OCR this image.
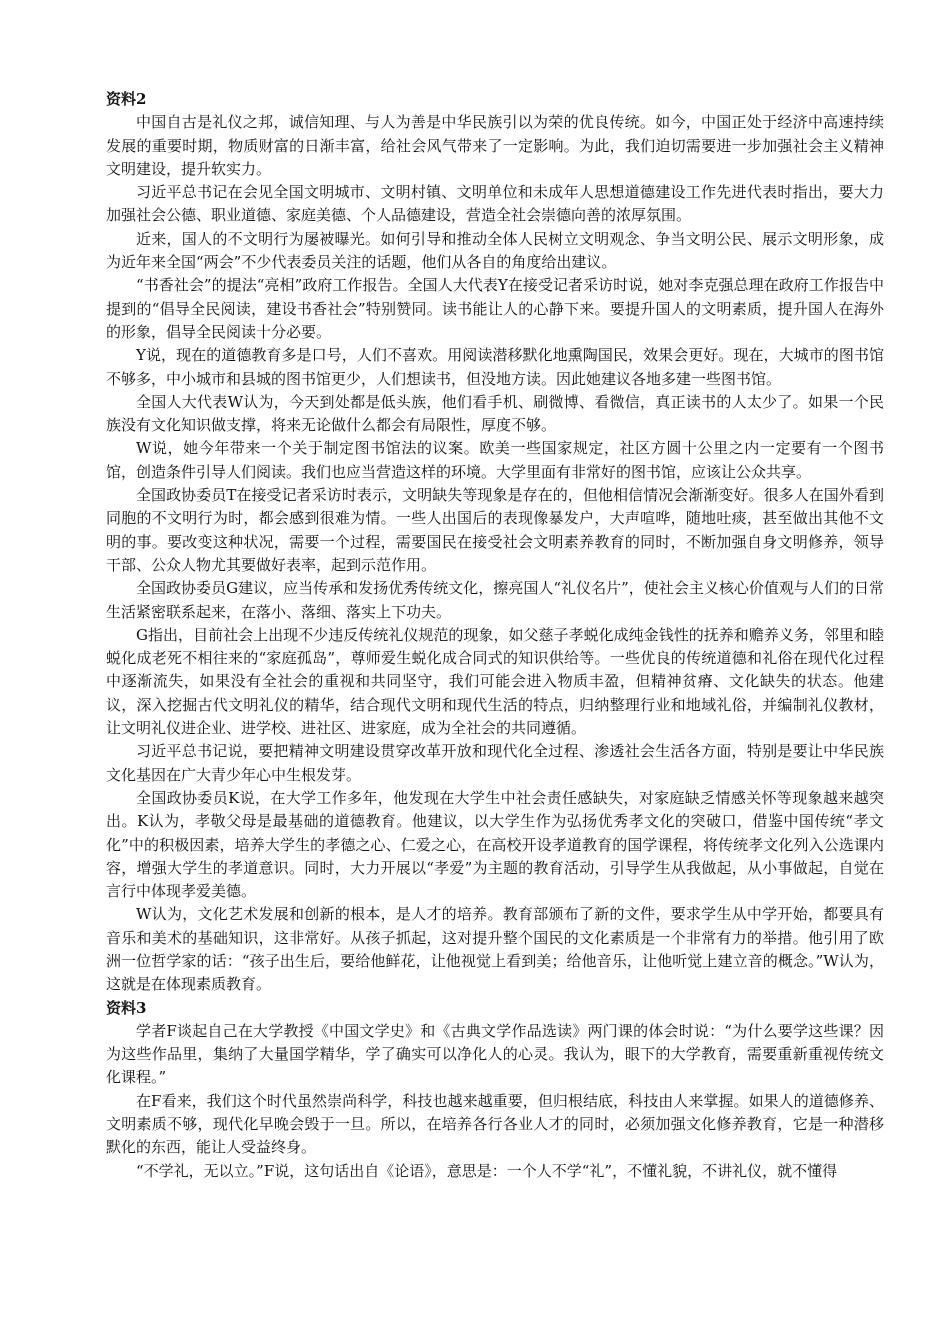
资料2

中国自古是礼仪之邦，诚信知理、与人为善是中华民族引以为荣的优良传统。如今，中国正处于经济中高速持续发展的重要时期，物质财富的日渐丰富，给社会风气带来了一定影响。为此，我们迫切需要进一步加强社会主义精神文明建设，提升软实力。

习近平总书记在会见全国文明城市、文明村镇、文明单位和未成年人思想道德建设工作先进代表时指出，要大力加强社会公德、职业道德、家庭美德、个人品德建设，营造全社会崇德向善的浓厚氛围。

近来，国人的不文明行为屡被曝光。如何引导和推动全体人民树立文明观念、争当文明公民、展示文明形象，成为近年来全国“两会”不少代表委员关注的话题，他们从各自的角度给出建议。

“书香社会”的提法“亮相”政府工作报告。全国人大代表Y在接受记者采访时说，她对李克强总理在政府工作报告中提到的“倡导全民阅读，建设书香社会”特别赞同。读书能让人的心静下来。要提升国人的文明素质，提升国人在海外的形象，倡导全民阅读十分必要。

Y说，现在的道德教育多是口号，人们不喜欢。用阅读潜移默化地熏陶国民，效果会更好。现在，大城市的图书馆不够多，中小城市和县城的图书馆更少，人们想读书，但没地方读。因此她建议各地多建一些图书馆。

全国人大代表W认为，今天到处都是低头族，他们看手机、刷微博、看微信，真正读书的人太少了。如果一个民族没有文化知识做支撑，将来无论做什么都会有局限性，厚度不够。

W说，她今年带来一个关于制定图书馆法的议案。欧美一些国家规定，社区方圆十公里之内一定要有一个图书馆，创造条件引导人们阅读。我们也应当营造这样的环境。大学里面有非常好的图书馆，应该让公众共享。

全国政协委员T在接受记者采访时表示，文明缺失等现象是存在的，但他相信情况会渐渐变好。很多人在国外看到同胞的不文明行为时，都会感到很难为情。一些人出国后的表现像暴发户，大声喧哗，随地吐痰，甚至做出其他不文明的事。要改变这种状况，需要一个过程，需要国民在接受社会文明素养教育的同时，不断加强自身文明修养，领导干部、公众人物尤其要做好表率，起到示范作用。

全国政协委员G建议，应当传承和发扬优秀传统文化，擦亮国人“礼仪名片”，使社会主义核心价值观与人们的日常生活紧密联系起来，在落小、落细、落实上下功夫。

G指出，目前社会上出现不少违反传统礼仪规范的现象，如父慈子孝蜕化成纯金钱性的抚养和赡养义务，邻里和睦蜕化成老死不相往来的“家庭孤岛”，尊师爱生蜕化成合同式的知识供给等。一些优良的传统道德和礼俗在现代化过程中逐渐流失，如果没有全社会的重视和共同坚守，我们可能会进入物质丰盈，但精神贫瘠、文化缺失的状态。他建议，深入挖掘古代文明礼仪的精华，结合现代文明和现代生活的特点，归纳整理行业和地域礼俗，并编制礼仪教材，让文明礼仪进企业、进学校、进社区、进家庭，成为全社会的共同遵循。

习近平总书记说，要把精神文明建设贯穿改革开放和现代化全过程、渗透社会生活各方面，特别是要让中华民族文化基因在广大青少年心中生根发芽。

全国政协委员K说，在大学工作多年，他发现在大学生中社会责任感缺失，对家庭缺乏情感关怀等现象越来越突出。K认为，孝敬父母是最基础的道德教育。他建议，以大学生作为弘扬优秀孝文化的突破口，借鉴中国传统“孝文化”中的积极因素，培养大学生的孝德之心、仁爱之心，在高校开设孝道教育的国学课程，将传统孝文化列入公选课内容，增强大学生的孝道意识。同时，大力开展以“孝爱”为主题的教育活动，引导学生从我做起，从小事做起，自觉在言行中体现孝爱美德。

W认为，文化艺术发展和创新的根本，是人才的培养。教育部颁布了新的文件，要求学生从中学开始，都要具有音乐和美术的基础知识，这非常好。从孩子抓起，这对提升整个国民的文化素质是一个非常有力的举措。他引用了欧洲一位哲学家的话：“孩子出生后，要给他鲜花，让他视觉上看到美；给他音乐，让他听觉上建立音的概念。”W认为，这就是在体现素质教育。

资料3

学者F谈起自己在大学教授《中国文学史》和《古典文学作品选读》两门课的体会时说：“为什么要学这些课？因为这些作品里，集纳了大量国学精华，学了确实可以净化人的心灵。我认为，眼下的大学教育，需要重新重视传统文化课程。”

在F看来，我们这个时代虽然崇尚科学，科技也越来越重要，但归根结底，科技由人来掌握。如果人的道德修养、文明素质不够，现代化早晚会毁于一旦。所以，在培养各行各业人才的同时，必须加强文化修养教育，它是一种潜移默化的东西，能让人受益终身。

“不学礼，无以立。”F说，这句话出自《论语》，意思是：一个人不学“礼”，不懂礼貌，不讲礼仪，就不懂得
